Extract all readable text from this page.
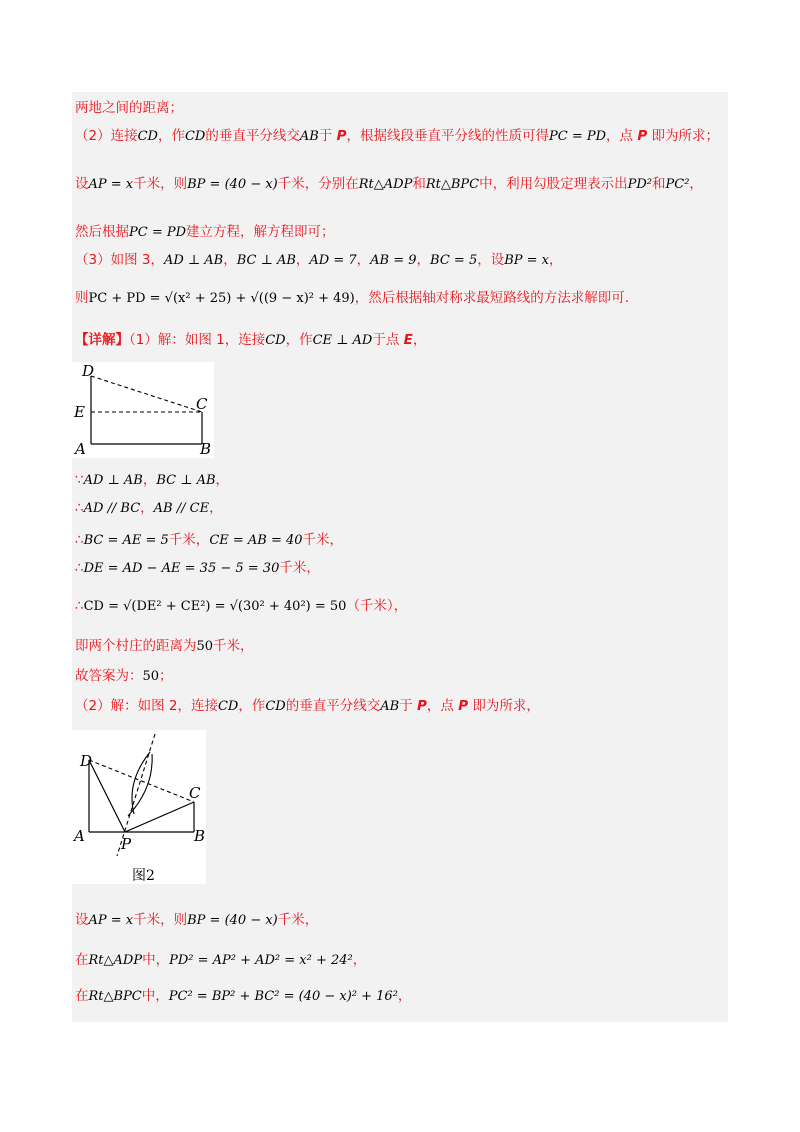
两地之间的距离；
（2）连接CD，作CD的垂直平分线交AB于 P，根据线段垂直平分线的性质可得PC = PD，点 P 即为所求；
设AP = x千米，则BP = (40 − x)千米，分别在Rt△ADP和Rt△BPC中，利用勾股定理表示出PD²和PC²，
然后根据PC = PD建立方程，解方程即可；
（3）如图 3，AD ⊥ AB，BC ⊥ AB，AD = 7，AB = 9，BC = 5，设BP = x，
则PC + PD = √(x² + 25) + √((9 − x)² + 49)，然后根据轴对称求最短路线的方法求解即可.
【详解】（1）解：如图 1，连接CD，作CE ⊥ AD于点 E，
D
E
A	B
C
∵AD ⊥ AB，BC ⊥ AB，
∴AD // BC，AB // CE，
∴BC = AE = 5千米，CE = AB = 40千米，
∴DE = AD − AE = 35 − 5 = 30千米，
∴CD = √(DE² + CE²) = √(30² + 40²) = 50（千米），
即两个村庄的距离为50千米，
故答案为：50；
（2）解：如图 2，连接CD，作CD的垂直平分线交AB于 P，点 P 即为所求，
D
A P	B
C
图2
设AP = x千米，则BP = (40 − x)千米，
在Rt△ADP中，PD² = AP² + AD² = x² + 24²，
在Rt△BPC中，PC² = BP² + BC² = (40 − x)² + 16²，
